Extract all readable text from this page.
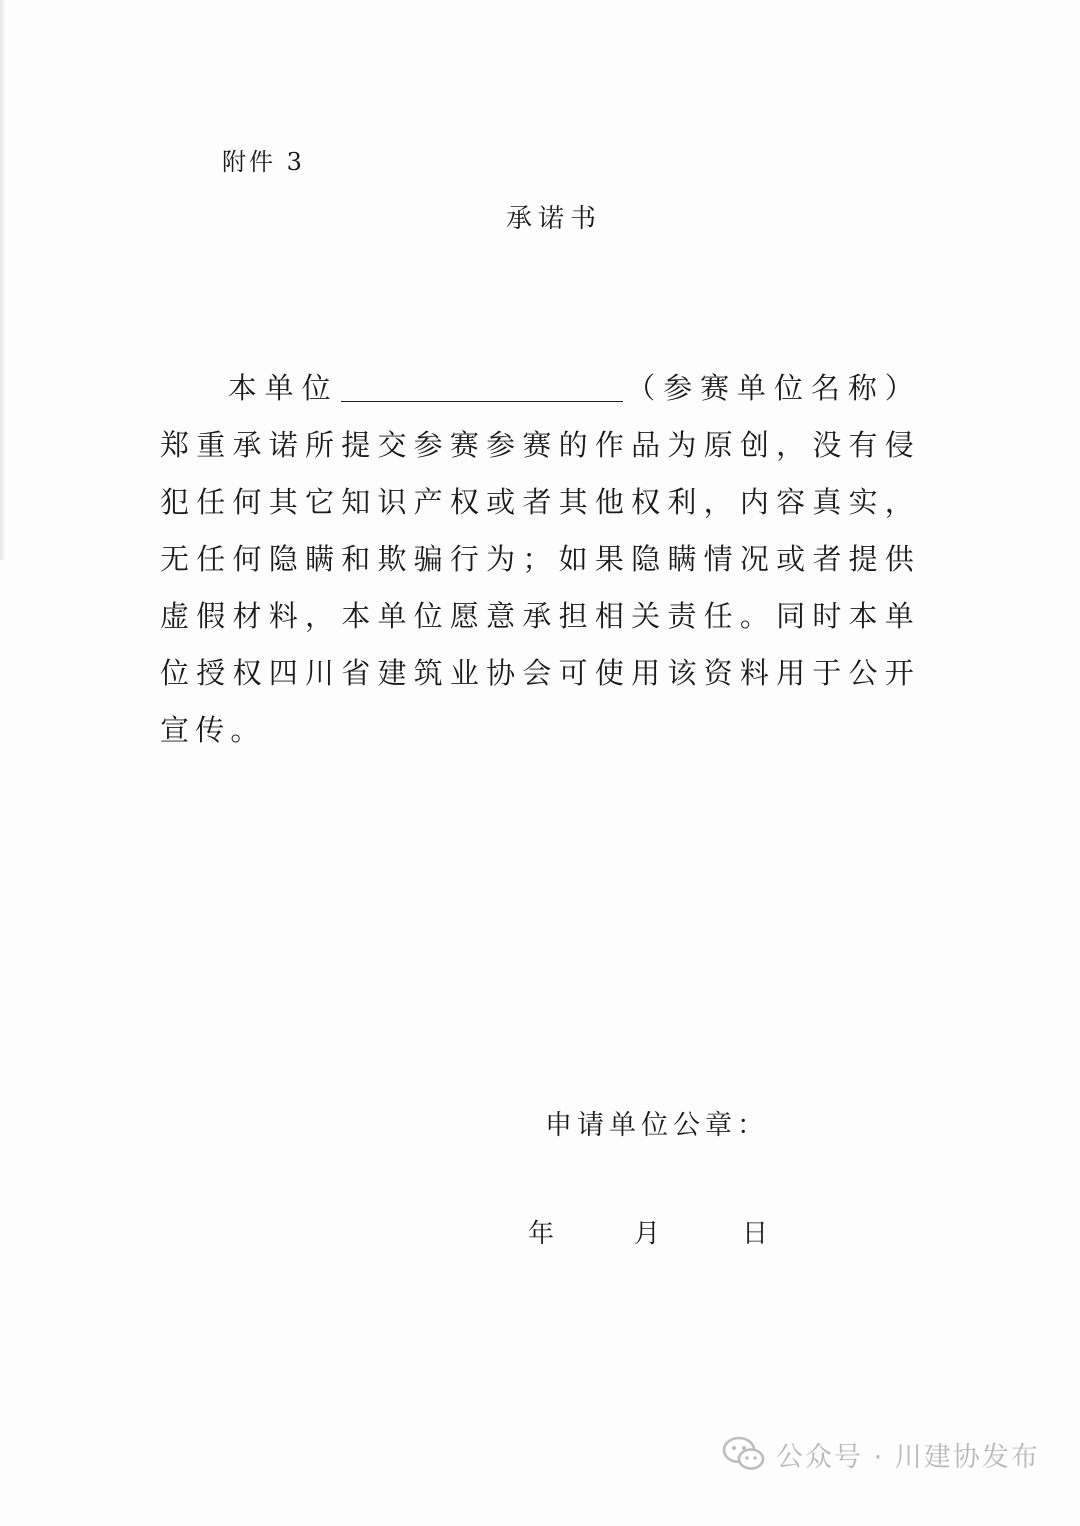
附件 3
承诺书
本单位	（参赛单位名称）郑重承诺所提交参赛参赛的作品为原创，没有侵犯任何其它知识产权或者其他权利，内容真实，无任何隐瞒和欺骗行为；如果隐瞒情况或者提供虚假材料，本单位愿意承担相关责任。同时本单位授权四川省建筑业协会可使用该资料用于公开宣传。
申请单位公章：
年	月	日
公众号 · 川建协发布
